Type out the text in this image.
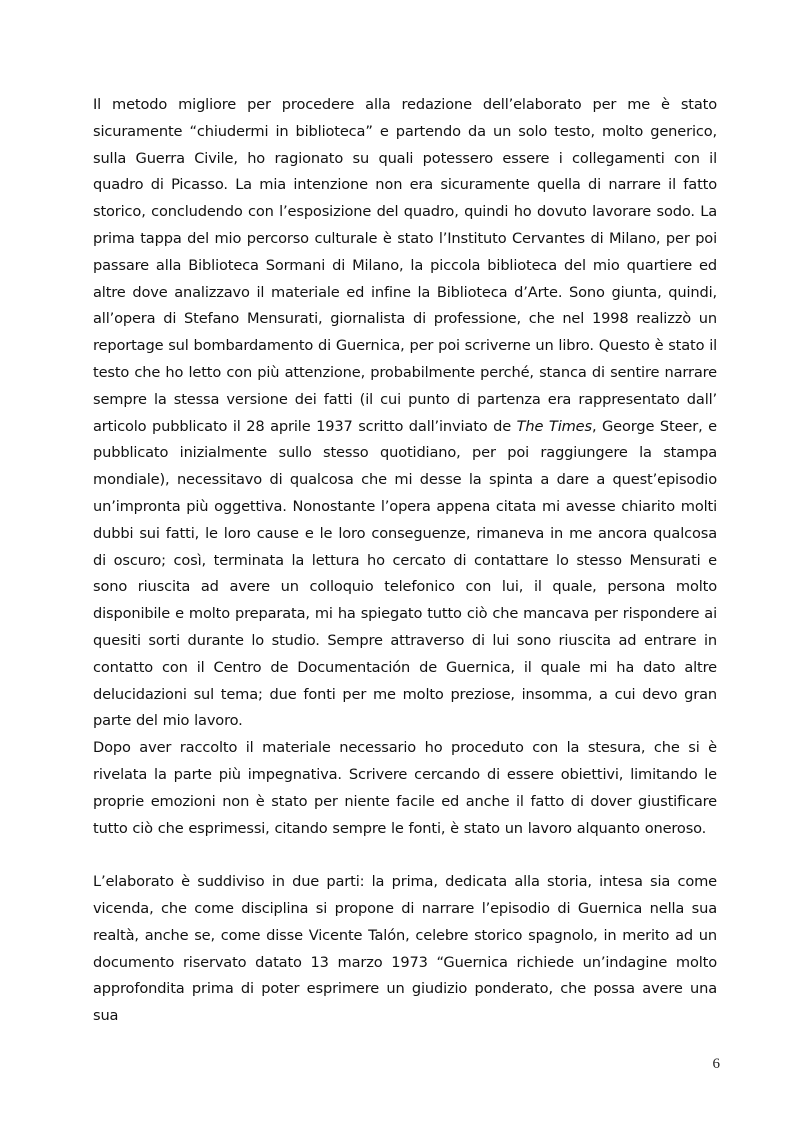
Il metodo migliore per procedere alla redazione dell’elaborato per me è stato sicuramente “chiudermi in biblioteca” e partendo da un solo testo, molto generico, sulla Guerra Civile, ho ragionato su quali potessero essere i collegamenti con il quadro di Picasso. La mia intenzione non era sicuramente quella di narrare il fatto storico, concludendo con l’esposizione del quadro, quindi ho dovuto lavorare sodo. La prima tappa del mio percorso culturale è stato l’Instituto Cervantes di Milano, per poi passare alla Biblioteca Sormani di Milano, la piccola biblioteca del mio quartiere ed altre dove analizzavo il materiale ed infine la Biblioteca d’Arte. Sono giunta, quindi, all’opera di Stefano Mensurati, giornalista di professione, che nel 1998 realizzò un reportage sul bombardamento di Guernica, per poi scriverne un libro. Questo è stato il testo che ho letto con più attenzione, probabilmente perché, stanca di sentire narrare sempre la stessa versione dei fatti (il cui punto di partenza era rappresentato dall’ articolo pubblicato il 28 aprile 1937 scritto dall’inviato de The Times, George Steer, e pubblicato inizialmente sullo stesso quotidiano, per poi raggiungere la stampa mondiale), necessitavo di qualcosa che mi desse la spinta a dare a quest’episodio un’impronta più oggettiva. Nonostante l’opera appena citata mi avesse chiarito molti dubbi sui fatti, le loro cause e le loro conseguenze, rimaneva in me ancora qualcosa di oscuro; così, terminata la lettura ho cercato di contattare lo stesso Mensurati e sono riuscita ad avere un colloquio telefonico con lui, il quale, persona molto disponibile e molto preparata, mi ha spiegato tutto ciò che mancava per rispondere ai quesiti sorti durante lo studio. Sempre attraverso di lui sono riuscita ad entrare in contatto con il Centro de Documentación de Guernica, il quale mi ha dato altre delucidazioni sul tema; due fonti per me molto preziose, insomma, a cui devo gran parte del mio lavoro.

Dopo aver raccolto il materiale necessario ho proceduto con la stesura, che si è rivelata la parte più impegnativa. Scrivere cercando di essere obiettivi, limitando le proprie emozioni non è stato per niente facile ed anche il fatto di dover giustificare tutto ciò che esprimessi, citando sempre le fonti, è stato un lavoro alquanto oneroso.

L’elaborato è suddiviso in due parti: la prima, dedicata alla storia, intesa sia come vicenda, che come disciplina si propone di narrare l’episodio di Guernica nella sua realtà, anche se, come disse Vicente Talón, celebre storico spagnolo, in merito ad un documento riservato datato 13 marzo 1973 “Guernica richiede un’indagine molto approfondita prima di poter esprimere un giudizio ponderato, che possa avere una sua

6
